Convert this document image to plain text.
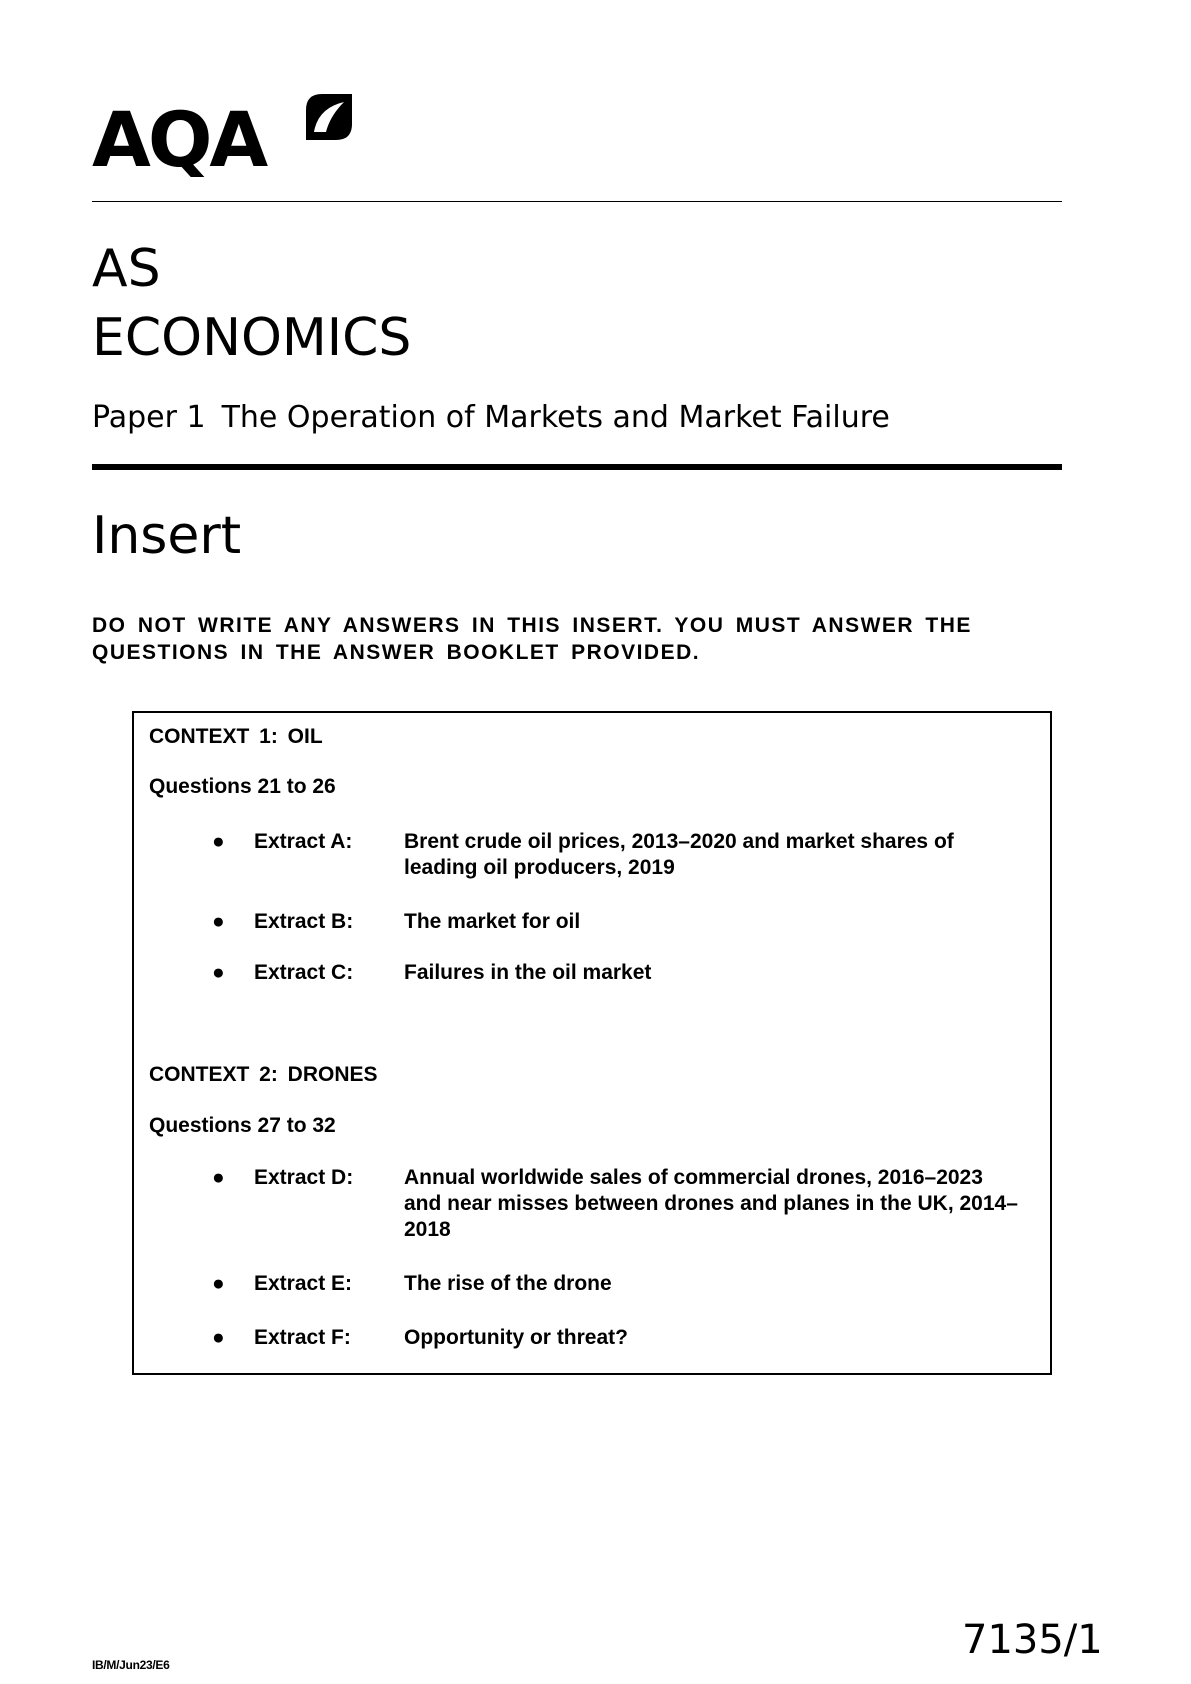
AQA
AS
ECONOMICS
Paper 1 The Operation of Markets and Market Failure
Insert
DO NOT WRITE ANY ANSWERS IN THIS INSERT. YOU MUST ANSWER THE QUESTIONS IN THE ANSWER BOOKLET PROVIDED.
CONTEXT 1: OIL
Questions 21 to 26
● Extract A: Brent crude oil prices, 2013–2020 and market shares of leading oil producers, 2019
● Extract B: The market for oil
● Extract C: Failures in the oil market
CONTEXT 2: DRONES
Questions 27 to 32
● Extract D: Annual worldwide sales of commercial drones, 2016–2023 and near misses between drones and planes in the UK, 2014–2018
● Extract E: The rise of the drone
● Extract F:	Opportunity or threat?
IB/M/Jun23/E6
7135/1
